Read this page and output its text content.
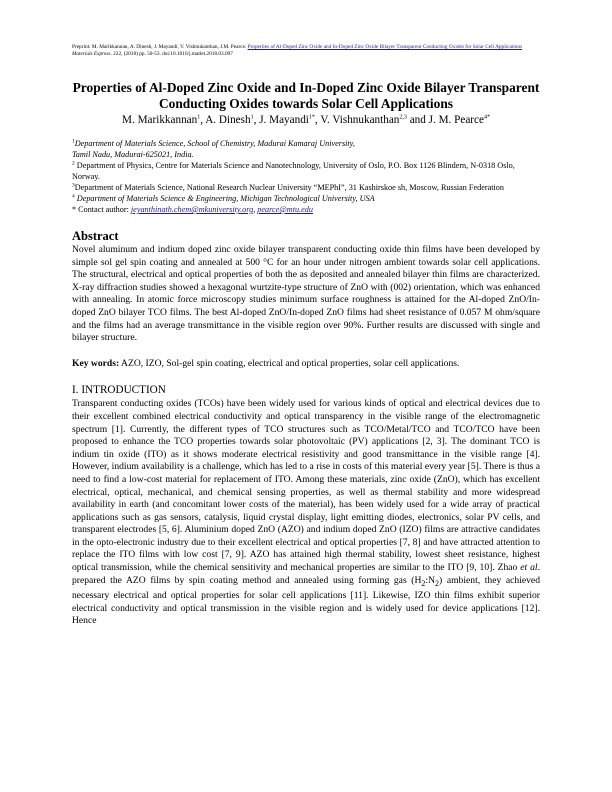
Preprint: M. Marikkannan, A. Dinesh, J. Mayandi, V. Vishnukanthan, J.M. Pearce. Properties of Al-Doped Zinc Oxide and In-Doped Zinc Oxide Bilayer Transparent Conducting Oxides for Solar Cell Applications Materials Express. 222, (2018) pp. 50-53. doi:10.1016/j.matlet.2018.03.097

Properties of Al-Doped Zinc Oxide and In-Doped Zinc Oxide Bilayer Transparent Conducting Oxides towards Solar Cell Applications
M. Marikkannan$^1$, A. Dinesh$^1$, J. Mayandi$^{1*}$, V. Vishnukanthan$^{2,3}$ and J. M. Pearce$^{4*}$

$^1$Department of Materials Science, School of Chemistry, Madurai Kamaraj University,
Tamil Nadu, Madurai-625021, India.

$^2$ Department of Physics, Centre for Materials Science and Nanotechnology, University of Oslo, P.O. Box 1126 Blindern, N-0318 Oslo, Norway.

$^3$Department of Materials Science, National Research Nuclear University “MEPhI”, 31 Kashirskoe sh, Moscow, Russian Federation

$^4$ Department of Materials Science & Engineering, Michigan Technological University, USA

* Contact author: jeyanthinath.chem@mkuniversity.org, pearce@mtu.edu

Abstract

Novel aluminum and indium doped zinc oxide bilayer transparent conducting oxide thin films have been developed by simple sol gel spin coating and annealed at 500 °C for an hour under nitrogen ambient towards solar cell applications. The structural, electrical and optical properties of both the as deposited and annealed bilayer thin films are characterized. X-ray diffraction studies showed a hexagonal wurtzite-type structure of ZnO with (002) orientation, which was enhanced with annealing. In atomic force microscopy studies minimum surface roughness is attained for the Al-doped ZnO/In-doped ZnO bilayer TCO films. The best Al-doped ZnO/In-doped ZnO films had sheet resistance of 0.057 M ohm/square and the films had an average transmittance in the visible region over 90%. Further results are discussed with single and bilayer structure.

Key words: AZO, IZO, Sol-gel spin coating, electrical and optical properties, solar cell applications.

I. INTRODUCTION

Transparent conducting oxides (TCOs) have been widely used for various kinds of optical and electrical devices due to their excellent combined electrical conductivity and optical transparency in the visible range of the electromagnetic spectrum [1]. Currently, the different types of TCO structures such as TCO/Metal/TCO and TCO/TCO have been proposed to enhance the TCO properties towards solar photovoltaic (PV) applications [2, 3]. The dominant TCO is indium tin oxide (ITO) as it shows moderate electrical resistivity and good transmittance in the visible range [4]. However, indium availability is a challenge, which has led to a rise in costs of this material every year [5]. There is thus a need to find a low-cost material for replacement of ITO. Among these materials, zinc oxide (ZnO), which has excellent electrical, optical, mechanical, and chemical sensing properties, as well as thermal stability and more widespread availability in earth (and concomitant lower costs of the material), has been widely used for a wide array of practical applications such as gas sensors, catalysis, liquid crystal display, light emitting diodes, electronics, solar PV cells, and transparent electrodes [5, 6]. Aluminium doped ZnO (AZO) and indium doped ZnO (IZO) films are attractive candidates in the opto-electronic industry due to their excellent electrical and optical properties [7, 8] and have attracted attention to replace the ITO films with low cost [7, 9]. AZO has attained high thermal stability, lowest sheet resistance, highest optical transmission, while the chemical sensitivity and mechanical properties are similar to the ITO [9, 10]. Zhao et al. prepared the AZO films by spin coating method and annealed using forming gas $(H_2:N_2)$ ambient, they achieved necessary electrical and optical properties for solar cell applications [11]. Likewise, IZO thin films exhibit superior electrical conductivity and optical transmission in the visible region and is widely used for device applications [12]. Hence
